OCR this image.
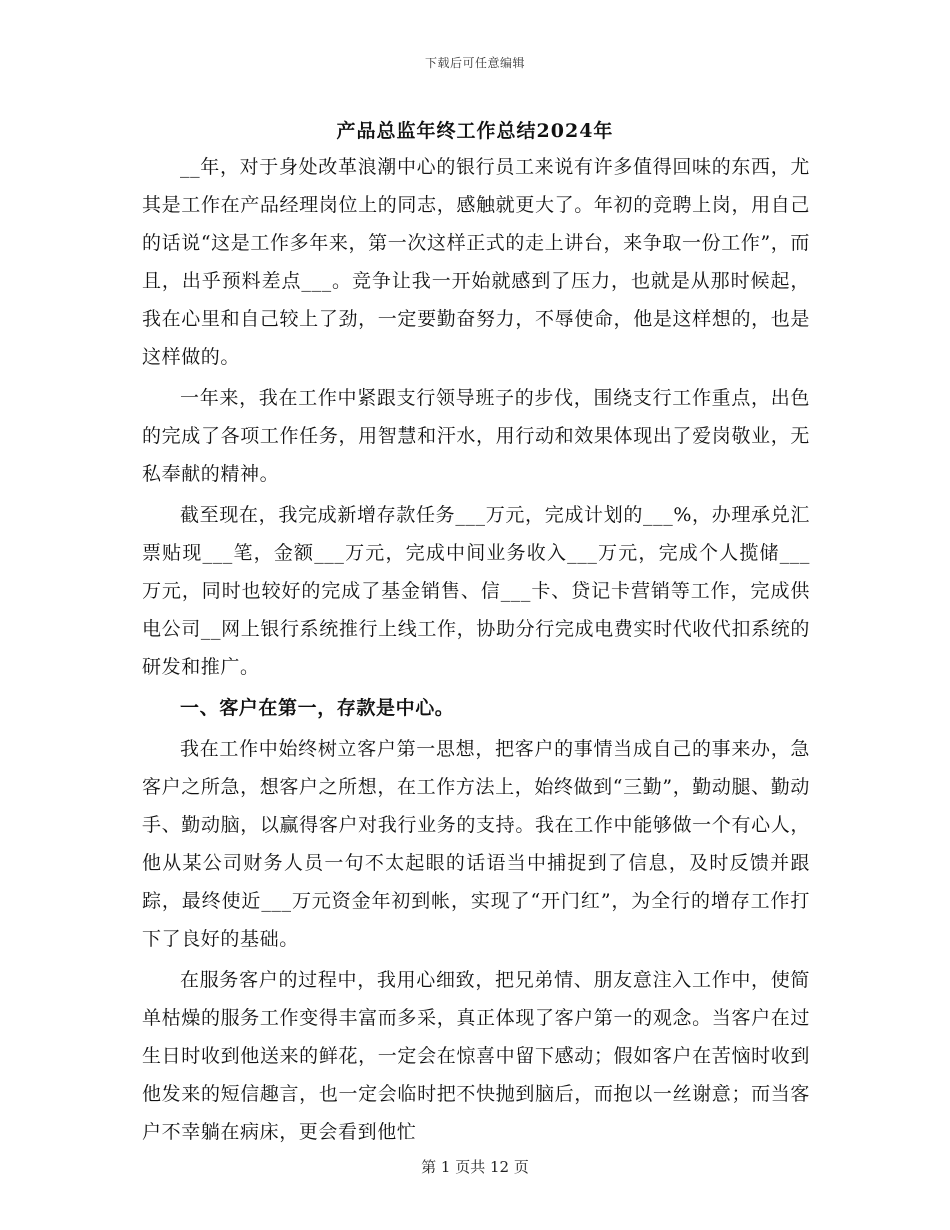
下载后可任意编辑
产品总监年终工作总结2024年

__年，对于身处改革浪潮中心的银行员工来说有许多值得回味的东西，尤其是工作在产品经理岗位上的同志，感触就更大了。年初的竞聘上岗，用自己的话说“这是工作多年来，第一次这样正式的走上讲台，来争取一份工作”，而且，出乎预料差点___。竞争让我一开始就感到了压力，也就是从那时候起，我在心里和自己较上了劲，一定要勤奋努力，不辱使命，他是这样想的，也是这样做的。

一年来，我在工作中紧跟支行领导班子的步伐，围绕支行工作重点，出色的完成了各项工作任务，用智慧和汗水，用行动和效果体现出了爱岗敬业，无私奉献的精神。

截至现在，我完成新增存款任务___万元，完成计划的___%，办理承兑汇票贴现___笔，金额___万元，完成中间业务收入___万元，完成个人揽储___万元，同时也较好的完成了基金销售、信___卡、贷记卡营销等工作，完成供电公司__网上银行系统推行上线工作，协助分行完成电费实时代收代扣系统的研发和推广。

一、客户在第一，存款是中心。

我在工作中始终树立客户第一思想，把客户的事情当成自己的事来办，急客户之所急，想客户之所想，在工作方法上，始终做到“三勤”，勤动腿、勤动手、勤动脑，以赢得客户对我行业务的支持。我在工作中能够做一个有心人，他从某公司财务人员一句不太起眼的话语当中捕捉到了信息，及时反馈并跟踪，最终使近___万元资金年初到帐，实现了“开门红”，为全行的增存工作打下了良好的基础。

在服务客户的过程中，我用心细致，把兄弟情、朋友意注入工作中，使简单枯燥的服务工作变得丰富而多采，真正体现了客户第一的观念。当客户在过生日时收到他送来的鲜花，一定会在惊喜中留下感动；假如客户在苦恼时收到他发来的短信趣言，也一定会临时把不快抛到脑后，而抱以一丝谢意；而当客户不幸躺在病床，更会看到他忙

第 1 页共 12 页
